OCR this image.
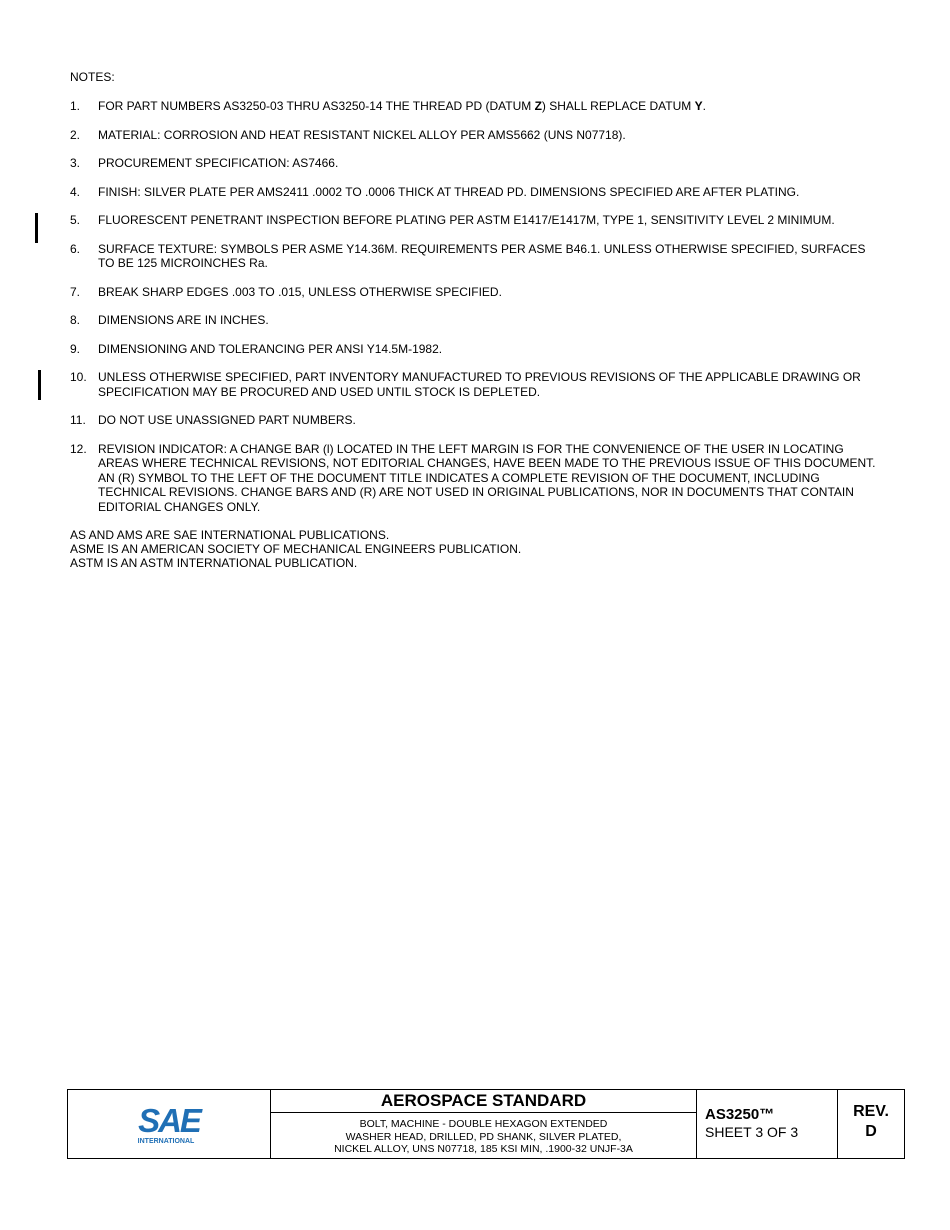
NOTES:
1.	FOR PART NUMBERS AS3250-03 THRU AS3250-14 THE THREAD PD (DATUM Z) SHALL REPLACE DATUM Y.
2.	MATERIAL: CORROSION AND HEAT RESISTANT NICKEL ALLOY PER AMS5662 (UNS N07718).
3.	PROCUREMENT SPECIFICATION: AS7466.
4.	FINISH: SILVER PLATE PER AMS2411 .0002 TO .0006 THICK AT THREAD PD. DIMENSIONS SPECIFIED ARE AFTER PLATING.
5.	FLUORESCENT PENETRANT INSPECTION BEFORE PLATING PER ASTM E1417/E1417M, TYPE 1, SENSITIVITY LEVEL 2 MINIMUM.
6.	SURFACE TEXTURE: SYMBOLS PER ASME Y14.36M. REQUIREMENTS PER ASME B46.1. UNLESS OTHERWISE SPECIFIED, SURFACES TO BE 125 MICROINCHES Ra.
7.	BREAK SHARP EDGES .003 TO .015, UNLESS OTHERWISE SPECIFIED.
8.	DIMENSIONS ARE IN INCHES.
9.	DIMENSIONING AND TOLERANCING PER ANSI Y14.5M-1982.
10. UNLESS OTHERWISE SPECIFIED, PART INVENTORY MANUFACTURED TO PREVIOUS REVISIONS OF THE APPLICABLE DRAWING OR SPECIFICATION MAY BE PROCURED AND USED UNTIL STOCK IS DEPLETED.
11.	DO NOT USE UNASSIGNED PART NUMBERS.
12. REVISION INDICATOR: A CHANGE BAR (l) LOCATED IN THE LEFT MARGIN IS FOR THE CONVENIENCE OF THE USER IN LOCATING AREAS WHERE TECHNICAL REVISIONS, NOT EDITORIAL CHANGES, HAVE BEEN MADE TO THE PREVIOUS ISSUE OF THIS DOCUMENT. AN (R) SYMBOL TO THE LEFT OF THE DOCUMENT TITLE INDICATES A COMPLETE REVISION OF THE DOCUMENT, INCLUDING TECHNICAL REVISIONS. CHANGE BARS AND (R) ARE NOT USED IN ORIGINAL PUBLICATIONS, NOR IN DOCUMENTS THAT CONTAIN EDITORIAL CHANGES ONLY.
AS AND AMS ARE SAE INTERNATIONAL PUBLICATIONS.
ASME IS AN AMERICAN SOCIETY OF MECHANICAL ENGINEERS PUBLICATION.
ASTM IS AN ASTM INTERNATIONAL PUBLICATION.
SAE
INTERNATIONAL
AEROSPACE STANDARD
BOLT, MACHINE - DOUBLE HEXAGON EXTENDED
WASHER HEAD, DRILLED, PD SHANK, SILVER PLATED,
NICKEL ALLOY, UNS N07718, 185 KSI MIN, .1900-32 UNJF-3A
AS3250™
SHEET 3 OF 3
REV.
D
